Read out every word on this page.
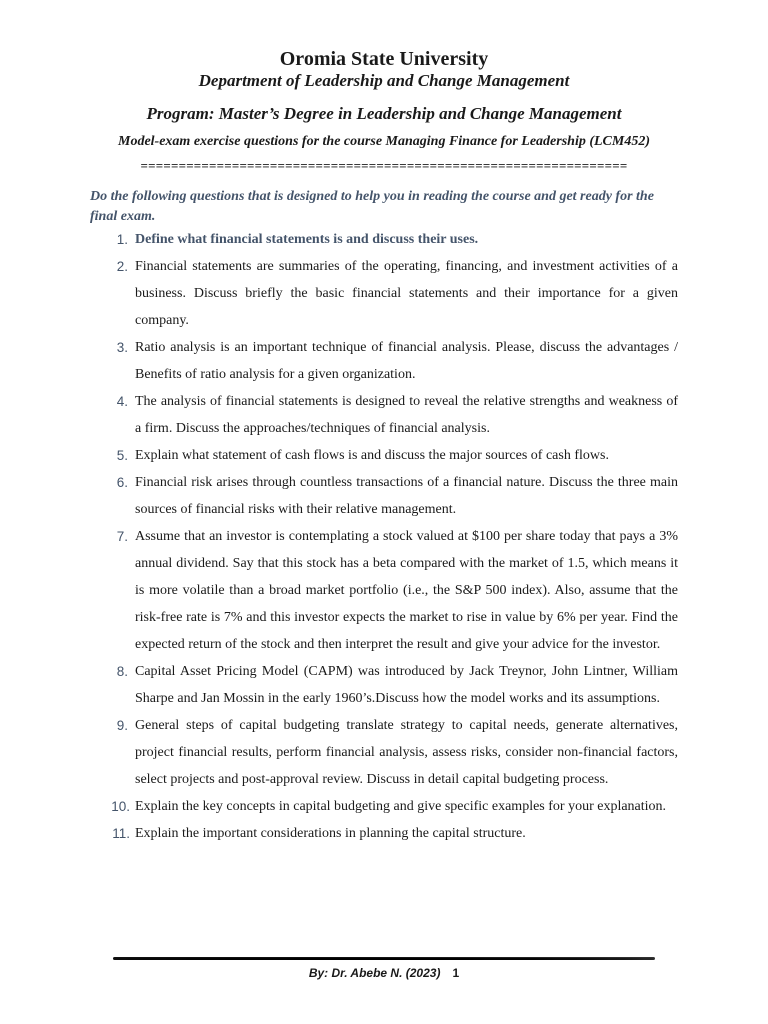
Oromia State University
Department of Leadership and Change Management
Program: Master’s Degree in Leadership and Change Management
Model-exam exercise questions for the course Managing Finance for Leadership (LCM452)
================================================================
Do the following questions that is designed to help you in reading the course and get ready for the final exam.
1. Define what financial statements is and discuss their uses.
2. Financial statements are summaries of the operating, financing, and investment activities of a business. Discuss briefly the basic financial statements and their importance for a given company.
3. Ratio analysis is an important technique of financial analysis. Please, discuss the advantages / Benefits of ratio analysis for a given organization.
4. The analysis of financial statements is designed to reveal the relative strengths and weakness of a firm. Discuss the approaches/techniques of financial analysis.
5. Explain what statement of cash flows is and discuss the major sources of cash flows.
6. Financial risk arises through countless transactions of a financial nature. Discuss the three main sources of financial risks with their relative management.
7. Assume that an investor is contemplating a stock valued at $100 per share today that pays a 3% annual dividend. Say that this stock has a beta compared with the market of 1.5, which means it is more volatile than a broad market portfolio (i.e., the S&P 500 index). Also, assume that the risk-free rate is 7% and this investor expects the market to rise in value by 6% per year. Find the expected return of the stock and then interpret the result and give your advice for the investor.
8. Capital Asset Pricing Model (CAPM) was introduced by Jack Treynor, John Lintner, William Sharpe and Jan Mossin in the early 1960’s.Discuss how the model works and its assumptions.
9. General steps of capital budgeting translate strategy to capital needs, generate alternatives, project financial results, perform financial analysis, assess risks, consider non-financial factors, select projects and post-approval review. Discuss in detail capital budgeting process.
10. Explain the key concepts in capital budgeting and give specific examples for your explanation.
11. Explain the important considerations in planning the capital structure.
By: Dr. Abebe N. (2023) 1
